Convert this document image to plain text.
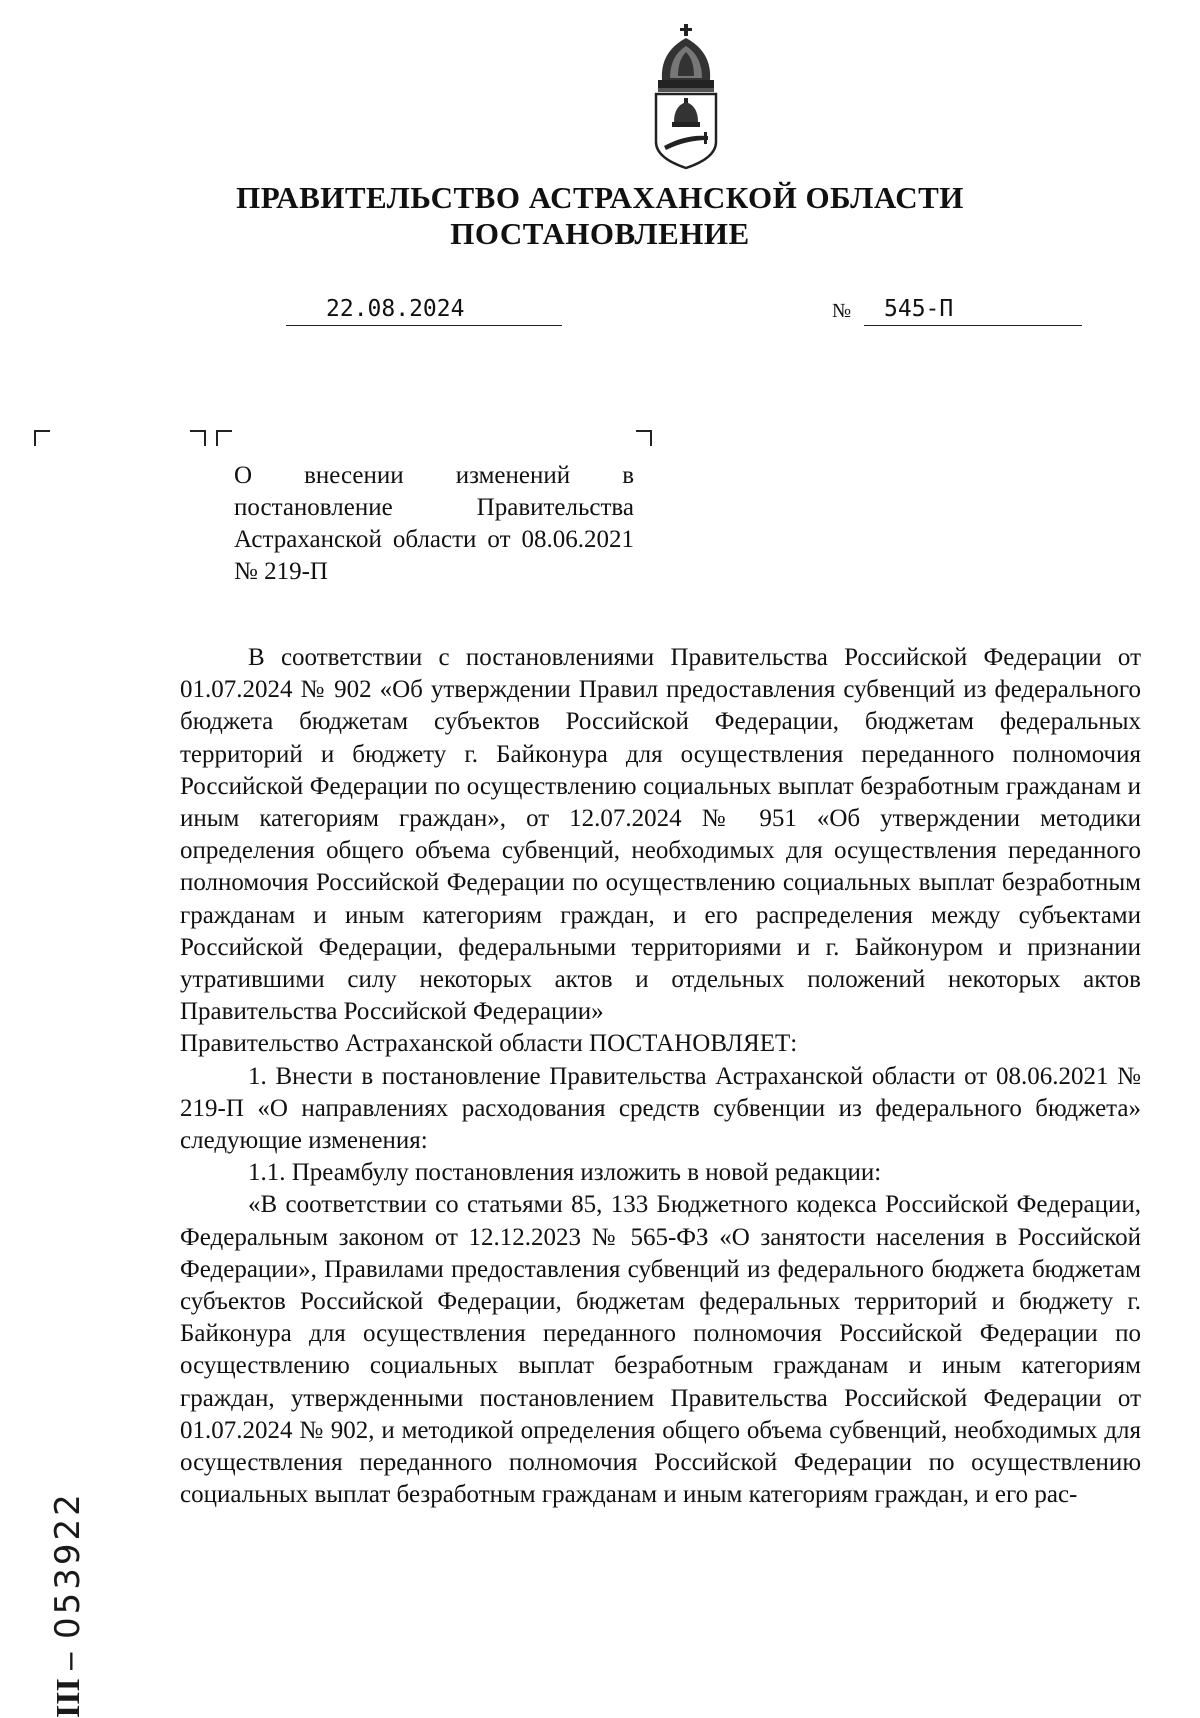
ПРАВИТЕЛЬСТВО АСТРАХАНСКОЙ ОБЛАСТИ
ПОСТАНОВЛЕНИЕ
22.08.2024	№ 545-П
О внесении изменений в постановление Правительства Астраханской области от 08.06.2021 № 219-П

В соответствии с постановлениями Правительства Российской Федерации от 01.07.2024 № 902 «Об утверждении Правил предоставления субвенций из федерального бюджета бюджетам субъектов Российской Федерации, бюджетам федеральных территорий и бюджету г. Байконура для осуществления переданного полномочия Российской Федерации по осуществлению социальных выплат безработным гражданам и иным категориям граждан», от 12.07.2024 № 951 «Об утверждении методики определения общего объема субвенций, необходимых для осуществления переданного полномочия Российской Федерации по осуществлению социальных выплат безработным гражданам и иным категориям граждан, и его распределения между субъектами Российской Федерации, федеральными территориями и г. Байконуром и признании утратившими силу некоторых актов и отдельных положений некоторых актов Правительства Российской Федерации»

Правительство Астраханской области ПОСТАНОВЛЯЕТ:

1. Внести в постановление Правительства Астраханской области от 08.06.2021 № 219-П «О направлениях расходования средств субвенции из федерального бюджета» следующие изменения:

1.1. Преамбулу постановления изложить в новой редакции:

«В соответствии со статьями 85, 133 Бюджетного кодекса Российской Федерации, Федеральным законом от 12.12.2023 № 565-ФЗ «О занятости населения в Российской Федерации», Правилами предоставления субвенций из федерального бюджета бюджетам субъектов Российской Федерации, бюджетам федеральных территорий и бюджету г. Байконура для осуществления переданного полномочия Российской Федерации по осуществлению социальных выплат безработным гражданам и иным категориям граждан, утвержденными постановлением Правительства Российской Федерации от 01.07.2024 № 902, и методикой определения общего объема субвенций, необходимых для осуществления переданного полномочия Российской Федерации по осуществлению социальных выплат безработным гражданам и иным категориям граждан, и его рас-

III – 053922
